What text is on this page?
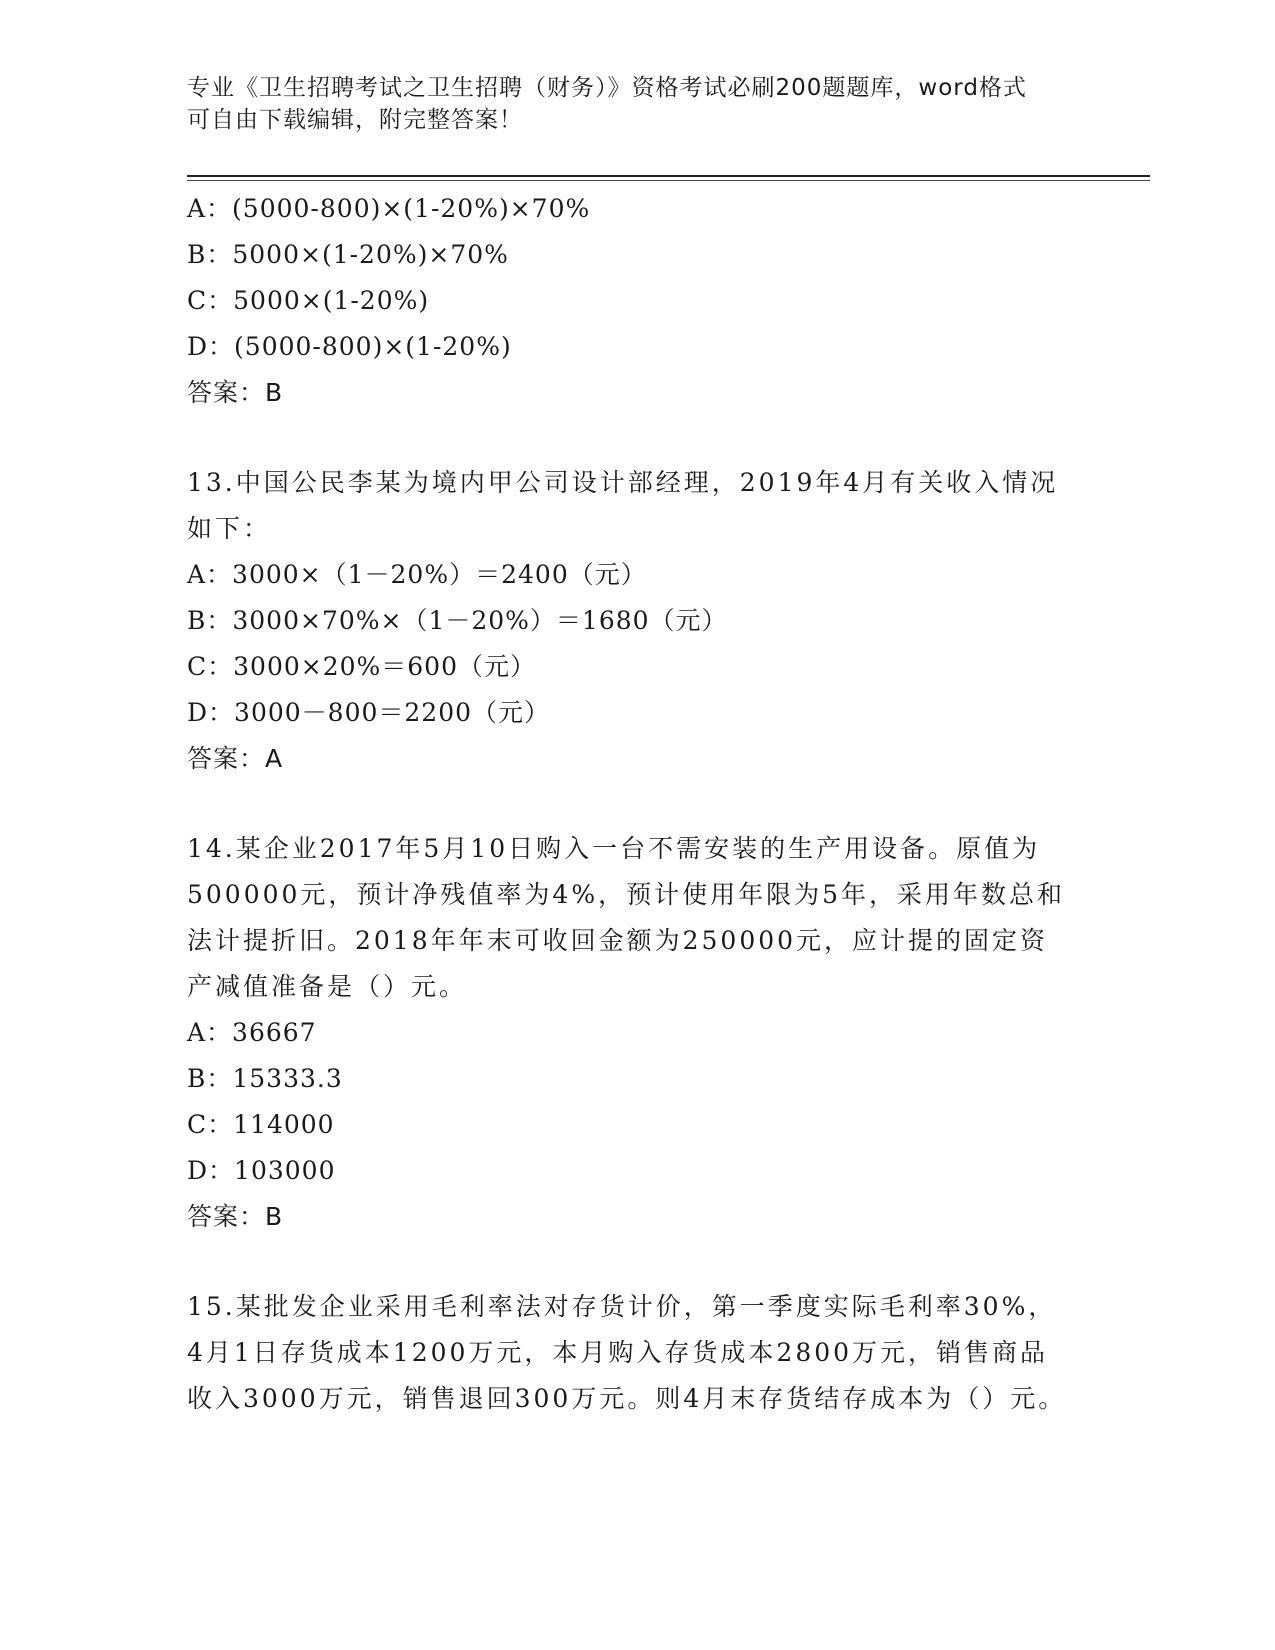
专业《卫生招聘考试之卫生招聘（财务）》资格考试必刷200题题库，word格式
可自由下载编辑，附完整答案！
A：(5000-800)×(1-20%)×70%
B：5000×(1-20%)×70%
C：5000×(1-20%)
D：(5000-800)×(1-20%)
答案：B
13.中国公民李某为境内甲公司设计部经理，2019年4月有关收入情况如下：
A：3000×（1－20%）＝2400（元）
B：3000×70%×（1－20%）＝1680（元）
C：3000×20%＝600（元）
D：3000－800＝2200（元）
答案：A
14.某企业2017年5月10日购入一台不需安装的生产用设备。原值为500000元，预计净残值率为4%，预计使用年限为5年，采用年数总和法计提折旧。2018年年末可收回金额为250000元，应计提的固定资产减值准备是（）元。
A：36667
B：15333.3
C：114000
D：103000
答案：B
15.某批发企业采用毛利率法对存货计价，第一季度实际毛利率30%，4月1日存货成本1200万元，本月购入存货成本2800万元，销售商品收入3000万元，销售退回300万元。则4月末存货结存成本为（）元。
